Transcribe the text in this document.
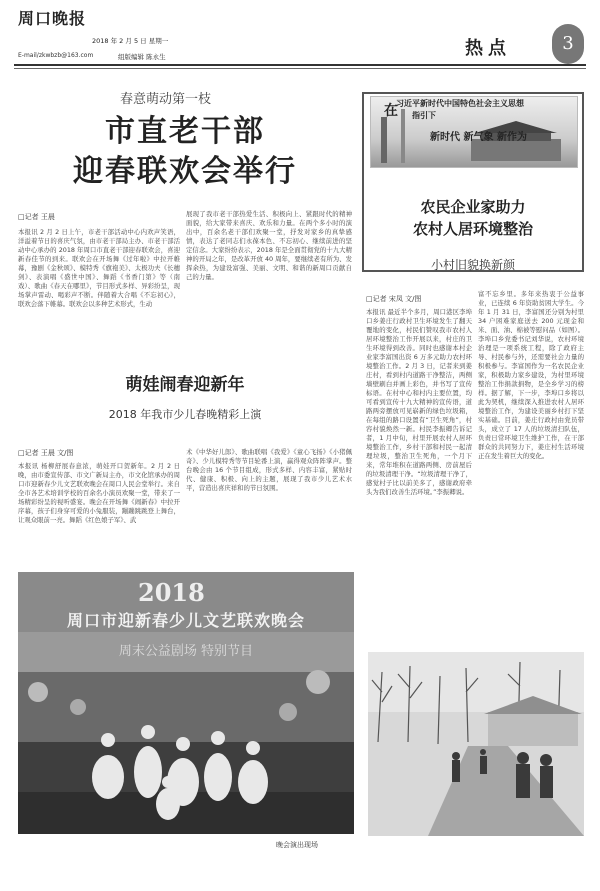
周口晚报
2018 年 2 月 5 日 星期一
E-mail/zkwbzb@163.com	组版编辑 陈永生	热点	3
春意萌动第一枝
市直老干部
迎春联欢会举行
□记者 王晨
本报讯 2 月 2 日上午，市老干部活动中心内欢声笑语，洋溢着节日的喜庆气氛，由市老干部局主办、市老干部活动中心承办的 2018 年周口市直老干部迎春联欢会，喜迎新春佳节的到来。联欢会在开场舞《过年啦》中拉开帷幕，豫剧《金秋颂》、模特秀《旗袍美》、太极功夫《长穗剑》、表演唱《盛世中国》、舞蹈《书香门第》等（南戏）、歌曲《春天在哪里》，节目形式多样、异彩纷呈，现场掌声雷动、喝彩声不断。伴随着大合唱《不忘初心》，联欢会落下帷幕。联欢会以多种艺术形式，生动
展现了我市老干部热爱生活、积极向上、紧跟时代的精神面貌，给大家带来喜庆、欢乐和力量。在两个多小时的演出中，百余名老干部们欢聚一堂，抒发对家乡的真挚感情，表达了老同志们永葆本色、不忘初心、继续前进的坚定信念。大家纷纷表示，2018 年是全面贯彻党的十九大精神的开局之年，是改革开放 40 周年，要继续老有所为、发挥余热，为建设富强、美丽、文明、和谐的新周口贡献自己的力量。
萌娃闹春迎新年
2018 年我市少儿春晚精彩上演
□记者 王晨 文/图
本报讯 杨柳舒展春意浓，萌娃开口贺新年。2 月 2 日晚，由市委宣传部、市文广新局主办，市文化馆承办的周口市迎新春少儿文艺联欢晚会在周口人民会堂举行。来自全市各艺术培训学校的百余名小演员欢聚一堂，带来了一场精彩纷呈的视听盛宴。晚会在开场舞《闹新春》中拉开序幕，孩子们身穿可爱的小兔服装，蹦蹦跳跳登上舞台，让观众眼前一亮。舞蹈《红色娘子军》、武
术《中华好儿郎》、歌曲联唱《我爱》《童心飞扬》《小猪佩奇》、少儿模特秀等节目轮番上演，赢得观众阵阵掌声。整台晚会由 16 个节目组成，形式多样、内容丰富，紧贴时代、健康、积极、向上的主题，展现了我市少儿艺术水平，营造出喜庆祥和的节日氛围。
2018
周口市迎新春少儿文艺联欢晚会
周末公益剧场 特别节目
晚会演出现场
在
习近平新时代中国特色社会主义思想
指引下
新时代 新气象 新作为
农民企业家助力
农村人居环境整治
小村旧貌换新颜
□记者 宋凤 文/图
本报讯 最近半个多月，周口港区李埠口乡姜庄行政村卫生环境发生了翻天覆地的变化，村民们赞叹我市农村人居环境整治工作开展以来，村庄的卫生环境得到改善。同时也感谢本村企业家李富国出资 6 万多元助力农村环境整治工作。2 月 3 日，记者来到姜庄村，看到村内道路干净整洁，两侧墙壁刷白并画上彩色，并书写了宣传标语。在村中心和村内主要位置，均可看到宣传十九大精神的宣传语，道路两旁摆放可见崭新的绿色垃圾箱，在每组的路口设置有“卫生死角”，村容村貌焕然一新。村民李振卿告诉记者，1 月中旬，村里开展农村人居环境整治工作，乡村干部和村民一起清理垃圾，整治卫生死角，一个月下来，常年堆积在道路两侧、房前屋后的垃圾清理干净。“垃圾清理干净了，感觉村子比以前美多了，感谢政府牵头为我们改善生活环境。”李振卿说。
富不忘乡里。多年来热衷于公益事业，已连续 6 年资助贫困大学生。今年 1 月 31 日，李富国还分别为村里 34 户困难家庭送去 200 元现金和米、面、油、棉被等慰问品（如图）。李埠口乡党委书记刘华说，农村环境治理是一项系统工程，除了政府主导、村民参与外，还需要社会力量的积极参与。李富国作为一名农民企业家，积极助力家乡建设，为村里环境整治工作捐款捐物，是全乡学习的榜样。据了解，下一步，李埠口乡将以此为契机，继续深入推进农村人居环境整治工作，为建设美丽乡村打下坚实基础。目前，姜庄行政村由党员带头，成立了 17 人的垃圾清扫队伍，负责日常环境卫生维护工作，在干部群众的共同努力下，姜庄村生活环境正在发生着巨大的变化。
